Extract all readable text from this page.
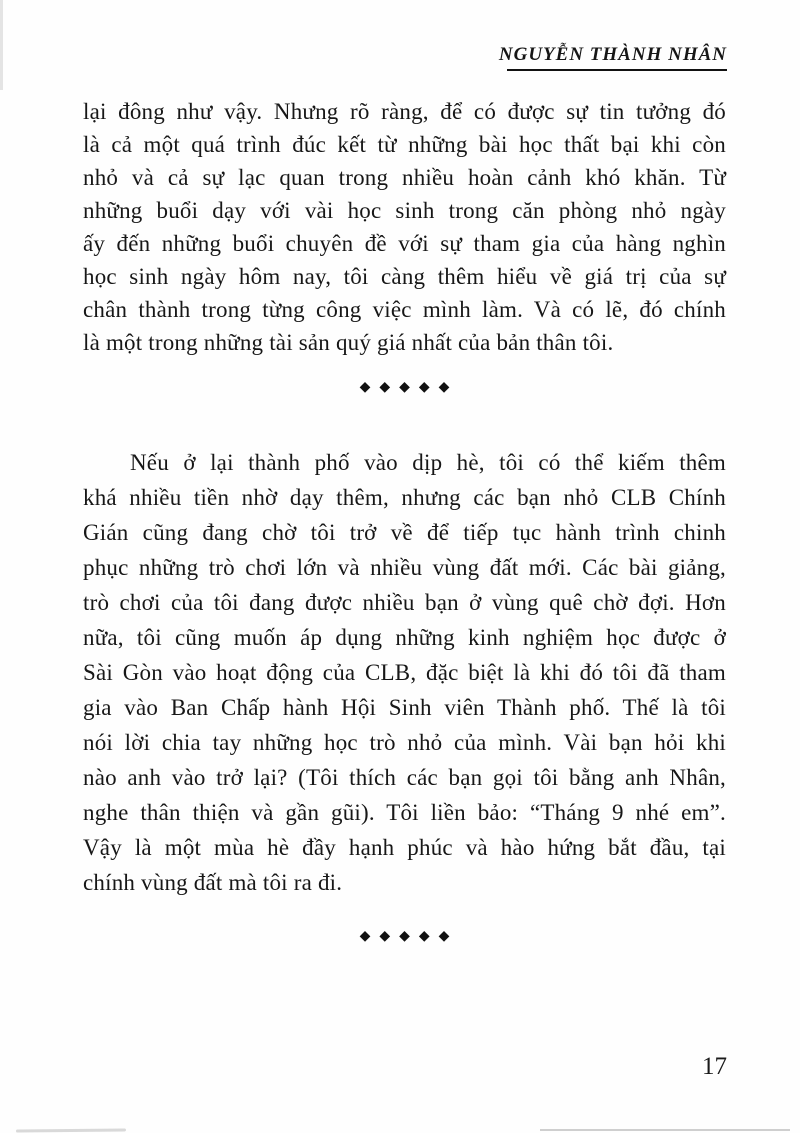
NGUYỄN THÀNH NHÂN
lại đông như vậy. Nhưng rõ ràng, để có được sự tin tưởng đó
là cả một quá trình đúc kết từ những bài học thất bại khi còn
nhỏ và cả sự lạc quan trong nhiều hoàn cảnh khó khăn. Từ
những buổi dạy với vài học sinh trong căn phòng nhỏ ngày
ấy đến những buổi chuyên đề với sự tham gia của hàng nghìn
học sinh ngày hôm nay, tôi càng thêm hiểu về giá trị của sự
chân thành trong từng công việc mình làm. Và có lẽ, đó chính
là một trong những tài sản quý giá nhất của bản thân tôi.
◆◆◆◆◆
Nếu ở lại thành phố vào dịp hè, tôi có thể kiếm thêm
khá nhiều tiền nhờ dạy thêm, nhưng các bạn nhỏ CLB Chính
Gián cũng đang chờ tôi trở về để tiếp tục hành trình chinh
phục những trò chơi lớn và nhiều vùng đất mới. Các bài giảng,
trò chơi của tôi đang được nhiều bạn ở vùng quê chờ đợi. Hơn
nữa, tôi cũng muốn áp dụng những kinh nghiệm học được ở
Sài Gòn vào hoạt động của CLB, đặc biệt là khi đó tôi đã tham
gia vào Ban Chấp hành Hội Sinh viên Thành phố. Thế là tôi
nói lời chia tay những học trò nhỏ của mình. Vài bạn hỏi khi
nào anh vào trở lại? (Tôi thích các bạn gọi tôi bằng anh Nhân,
nghe thân thiện và gần gũi). Tôi liền bảo: “Tháng 9 nhé em”.
Vậy là một mùa hè đầy hạnh phúc và hào hứng bắt đầu, tại
chính vùng đất mà tôi ra đi.
◆◆◆◆◆
17
